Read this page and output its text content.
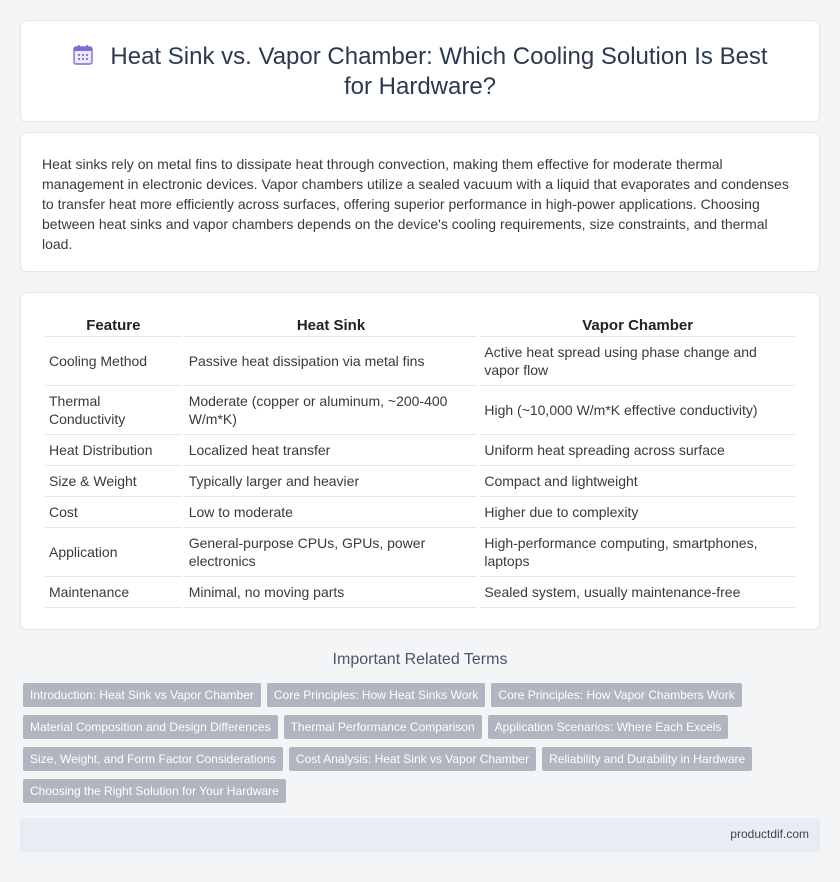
Heat Sink vs. Vapor Chamber: Which Cooling Solution Is Best for Hardware?

Heat sinks rely on metal fins to dissipate heat through convection, making them effective for moderate thermal management in electronic devices. Vapor chambers utilize a sealed vacuum with a liquid that evaporates and condenses to transfer heat more efficiently across surfaces, offering superior performance in high-power applications. Choosing between heat sinks and vapor chambers depends on the device's cooling requirements, size constraints, and thermal load.

Feature	Heat Sink	Vapor Chamber
Cooling Method	Passive heat dissipation via metal fins	Active heat spread using phase change and vapor flow
Thermal Conductivity	Moderate (copper or aluminum, ~200-400 W/m*K)	High (~10,000 W/m*K effective conductivity)
Heat Distribution	Localized heat transfer	Uniform heat spreading across surface
Size & Weight	Typically larger and heavier	Compact and lightweight
Cost	Low to moderate	Higher due to complexity
Application	General-purpose CPUs, GPUs, power electronics	High-performance computing, smartphones, laptops
Maintenance	Minimal, no moving parts	Sealed system, usually maintenance-free
Important Related Terms
Introduction: Heat Sink vs Vapor Chamber	Core Principles: How Heat Sinks Work	Core Principles: How Vapor Chambers Work
Material Composition and Design Differences	Thermal Performance Comparison	Application Scenarios: Where Each Excels
Size, Weight, and Form Factor Considerations	Cost Analysis: Heat Sink vs Vapor Chamber	Reliability and Durability in Hardware
Choosing the Right Solution for Your Hardware
productdif.com
